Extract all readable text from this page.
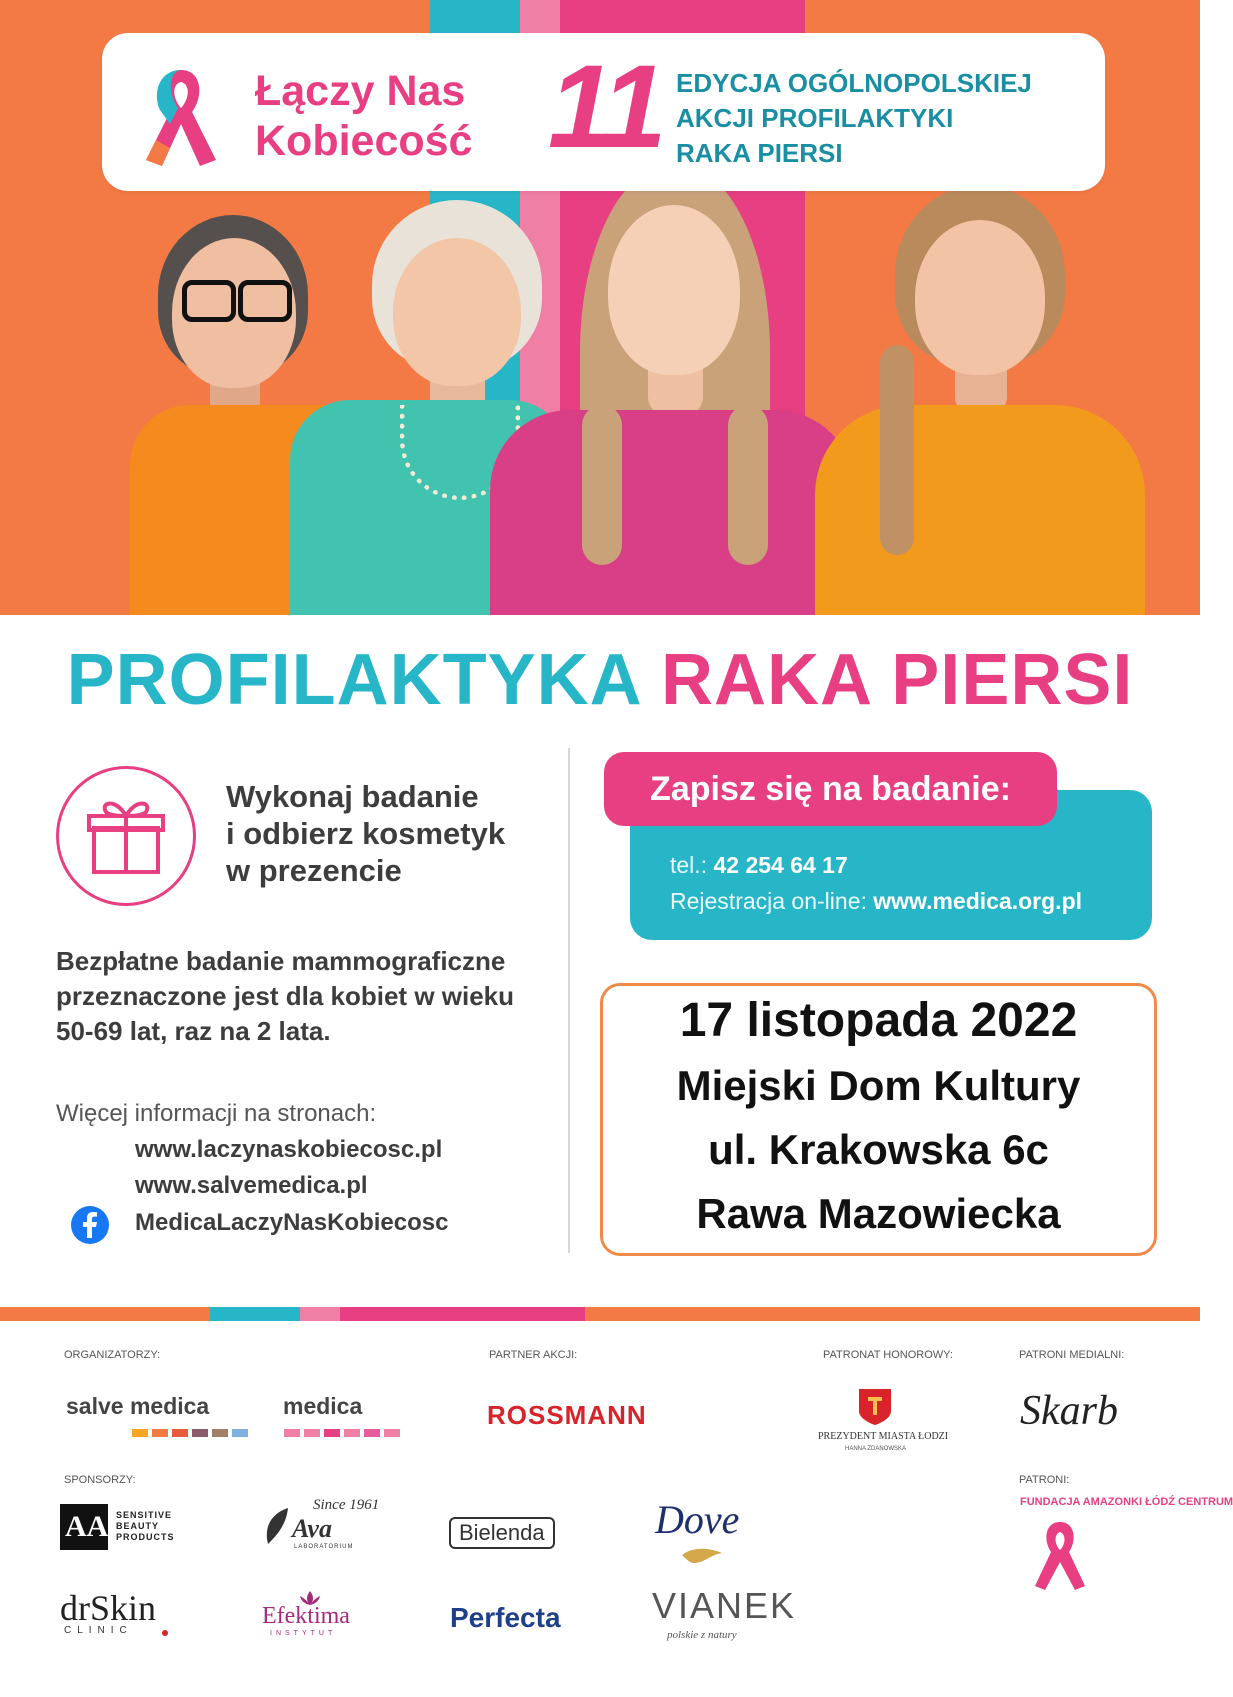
Łączy Nas
Kobiecość 11 EDYCJA OGÓLNOPOLSKIEJ
AKCJI PROFILAKTYKI
RAKA PIERSI
PROFILAKTYKA RAKA PIERSI
Wykonaj badanie
i odbierz kosmetyk
w prezencie
Bezpłatne badanie mammograficzne
przeznaczone jest dla kobiet w wieku
50-69 lat, raz na 2 lata.
Więcej informacji na stronach:
www.laczynaskobiecosc.pl
www.salvemedica.pl
MedicaLaczyNasKobiecosc
Zapisz się na badanie:
tel.: 42 254 64 17
Rejestracja on-line: www.medica.org.pl
17 listopada 2022
Miejski Dom Kultury
ul. Krakowska 6c
Rawa Mazowiecka
ORGANIZATORZY:	PARTNER AKCJI:	PATRONAT HONOROWY:	PATRONI MEDIALNI:
SPONSORZY:	PATRONI:
salve medica	medica	ROSSMANN
PREZYDENT MIASTA ŁODZI
HANNA ZDANOWSKA
Skarb
AA SENSITIVE BEAUTY PRODUCTS
Since 1961
Ava
LABORATORIUM
Bielenda	Dove	FUNDACJA AMAZONKI ŁÓDŹ CENTRUM
drSkin
CLINIC
Efektima
INSTYTUT
Perfecta	VIANEK
polskie z natury
